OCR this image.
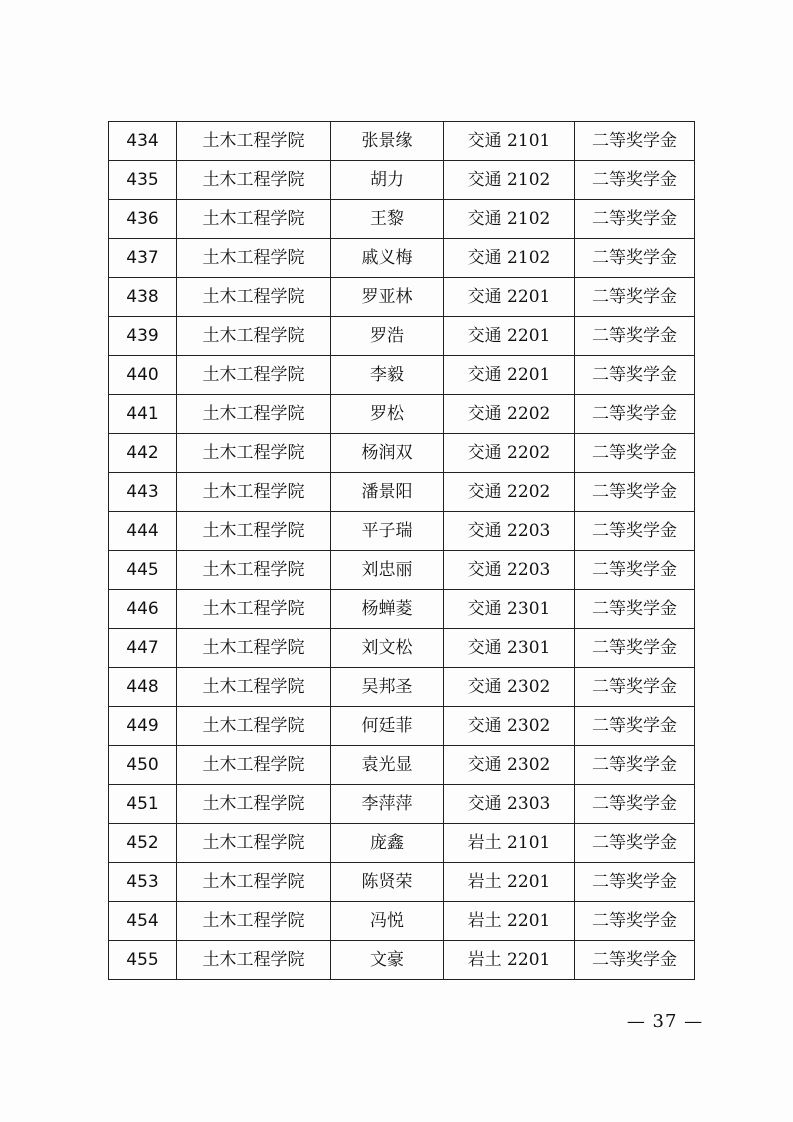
434	土木工程学院	张景缘	交通 2101	二等奖学金
435	土木工程学院	胡力	交通 2102	二等奖学金
436	土木工程学院	王黎	交通 2102	二等奖学金
437	土木工程学院	戚义梅	交通 2102	二等奖学金
438	土木工程学院	罗亚林	交通 2201	二等奖学金
439	土木工程学院	罗浩	交通 2201	二等奖学金
440	土木工程学院	李毅	交通 2201	二等奖学金
441	土木工程学院	罗松	交通 2202	二等奖学金
442	土木工程学院	杨润双	交通 2202	二等奖学金
443	土木工程学院	潘景阳	交通 2202	二等奖学金
444	土木工程学院	平子瑞	交通 2203	二等奖学金
445	土木工程学院	刘忠丽	交通 2203	二等奖学金
446	土木工程学院	杨蝉菱	交通 2301	二等奖学金
447	土木工程学院	刘文松	交通 2301	二等奖学金
448	土木工程学院	吴邦圣	交通 2302	二等奖学金
449	土木工程学院	何廷菲	交通 2302	二等奖学金
450	土木工程学院	袁光显	交通 2302	二等奖学金
451	土木工程学院	李萍萍	交通 2303	二等奖学金
452	土木工程学院	庞鑫	岩土 2101	二等奖学金
453	土木工程学院	陈贤荣	岩土 2201	二等奖学金
454	土木工程学院	冯悦	岩土 2201	二等奖学金
455	土木工程学院	文豪	岩土 2201	二等奖学金
— 37 —
